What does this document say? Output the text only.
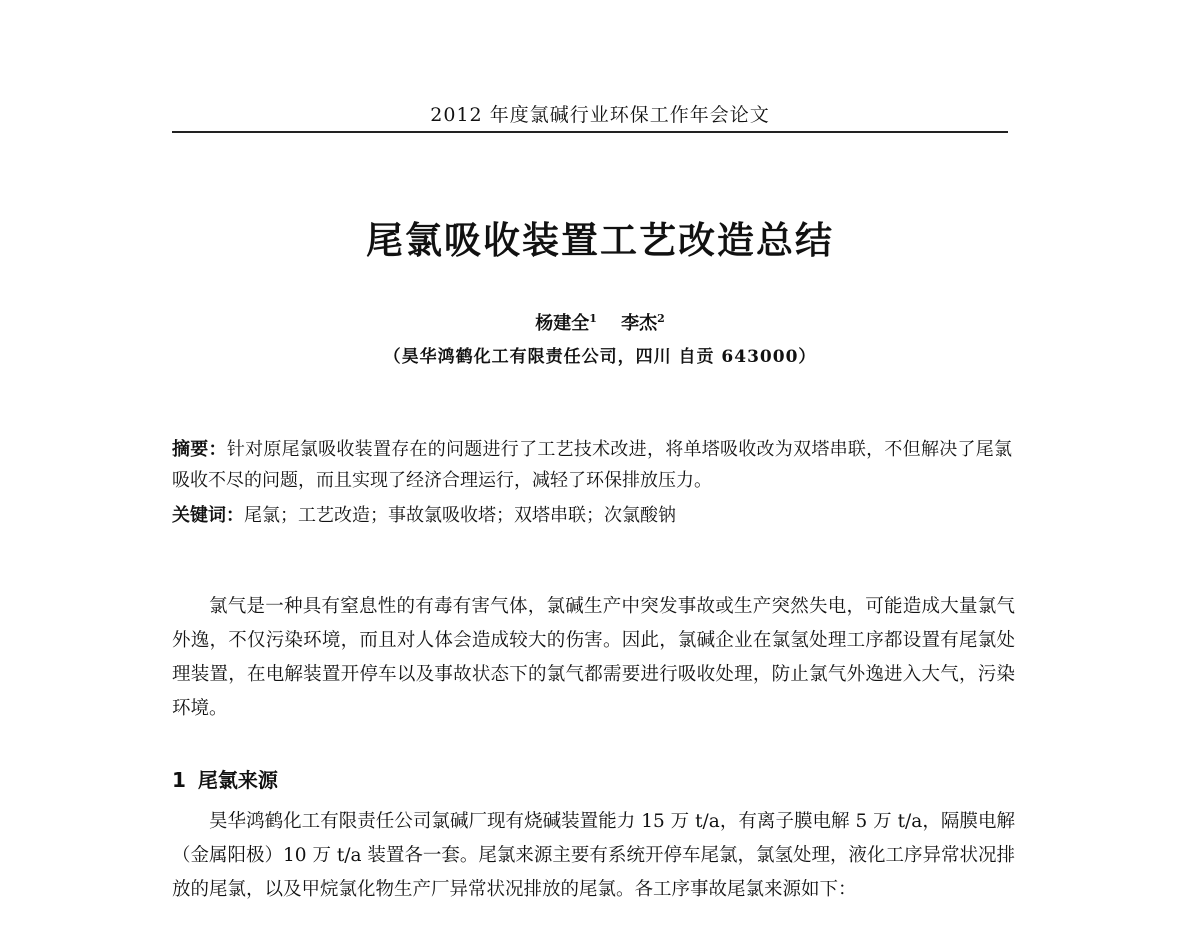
2012 年度氯碱行业环保工作年会论文
尾氯吸收装置工艺改造总结
杨建全$^1$ 李杰$^2$
（昊华鸿鹤化工有限责任公司，四川 自贡 643000）
摘要：针对原尾氯吸收装置存在的问题进行了工艺技术改进，将单塔吸收改为双塔串联，不但解决了尾氯吸收不尽的问题，而且实现了经济合理运行，减轻了环保排放压力。
关键词：尾氯；工艺改造；事故氯吸收塔；双塔串联；次氯酸钠

氯气是一种具有窒息性的有毒有害气体，氯碱生产中突发事故或生产突然失电，可能造成大量氯气外逸，不仅污染环境，而且对人体会造成较大的伤害。因此，氯碱企业在氯氢处理工序都设置有尾氯处理装置，在电解装置开停车以及事故状态下的氯气都需要进行吸收处理，防止氯气外逸进入大气，污染环境。

1 尾氯来源

昊华鸿鹤化工有限责任公司氯碱厂现有烧碱装置能力 15 万 t/a，有离子膜电解 5 万 t/a，隔膜电解（金属阳极）10 万 t/a 装置各一套。尾氯来源主要有系统开停车尾氯，氯氢处理，液化工序异常状况排放的尾氯，以及甲烷氯化物生产厂异常状况排放的尾氯。各工序事故尾氯来源如下：
